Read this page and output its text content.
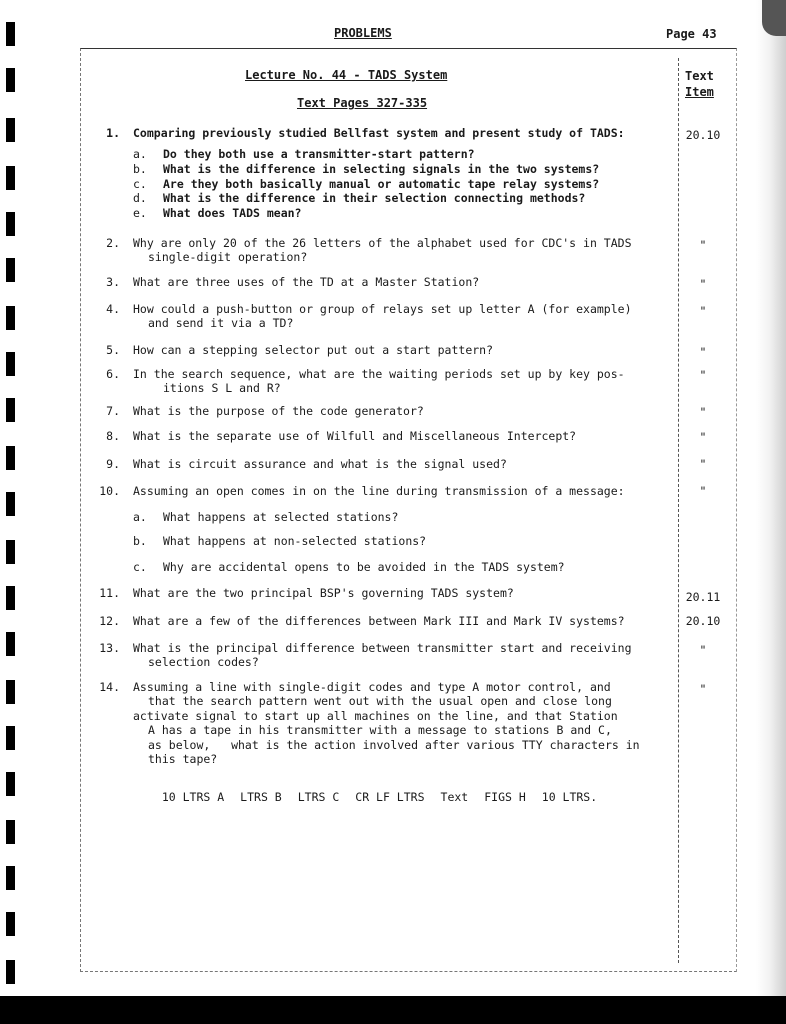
PROBLEMS	Page 43
Lecture No. 44 - TADS System
Text Pages 327-335
Text
Item
1. Comparing previously studied Bellfast system and present study of TADS:	20.10
a. Do they both use a transmitter-start pattern?
b. What is the difference in selecting signals in the two systems?
c. Are they both basically manual or automatic tape relay systems?
d. What is the difference in their selection connecting methods?
e. What does TADS mean?
2. Why are only 20 of the 26 letters of the alphabet used for CDC's in TADS
single-digit operation?
"
3. What are three uses of the TD at a Master Station?	"
4. How could a push-button or group of relays set up letter A (for example)
and send it via a TD?
"
5. How can a stepping selector put out a start pattern?	"
6. In the search sequence, what are the waiting periods set up by key pos-
itions S L and R?
"
7. What is the purpose of the code generator?	"
8. What is the separate use of Wilfull and Miscellaneous Intercept?	"
9. What is circuit assurance and what is the signal used?	"
10. Assuming an open comes in on the line during transmission of a message:	"
a. What happens at selected stations?
b. What happens at non-selected stations?
c. Why are accidental opens to be avoided in the TADS system?
11. What are the two principal BSP's governing TADS system?	20.11
12. What are a few of the differences between Mark III and Mark IV systems?	20.10
13. What is the principal difference between transmitter start and receiving
selection codes?
"
14. Assuming a line with single-digit codes and type A motor control, and
that the search pattern went out with the usual open and close long
activate signal to start up all machines on the line, and that Station
A has a tape in his transmitter with a message to stations B and C,
as below,   what is the action involved after various TTY characters in
this tape?
"

10 LTRS A LTRS B LTRS C CR LF LTRS Text FIGS H 10 LTRS.
